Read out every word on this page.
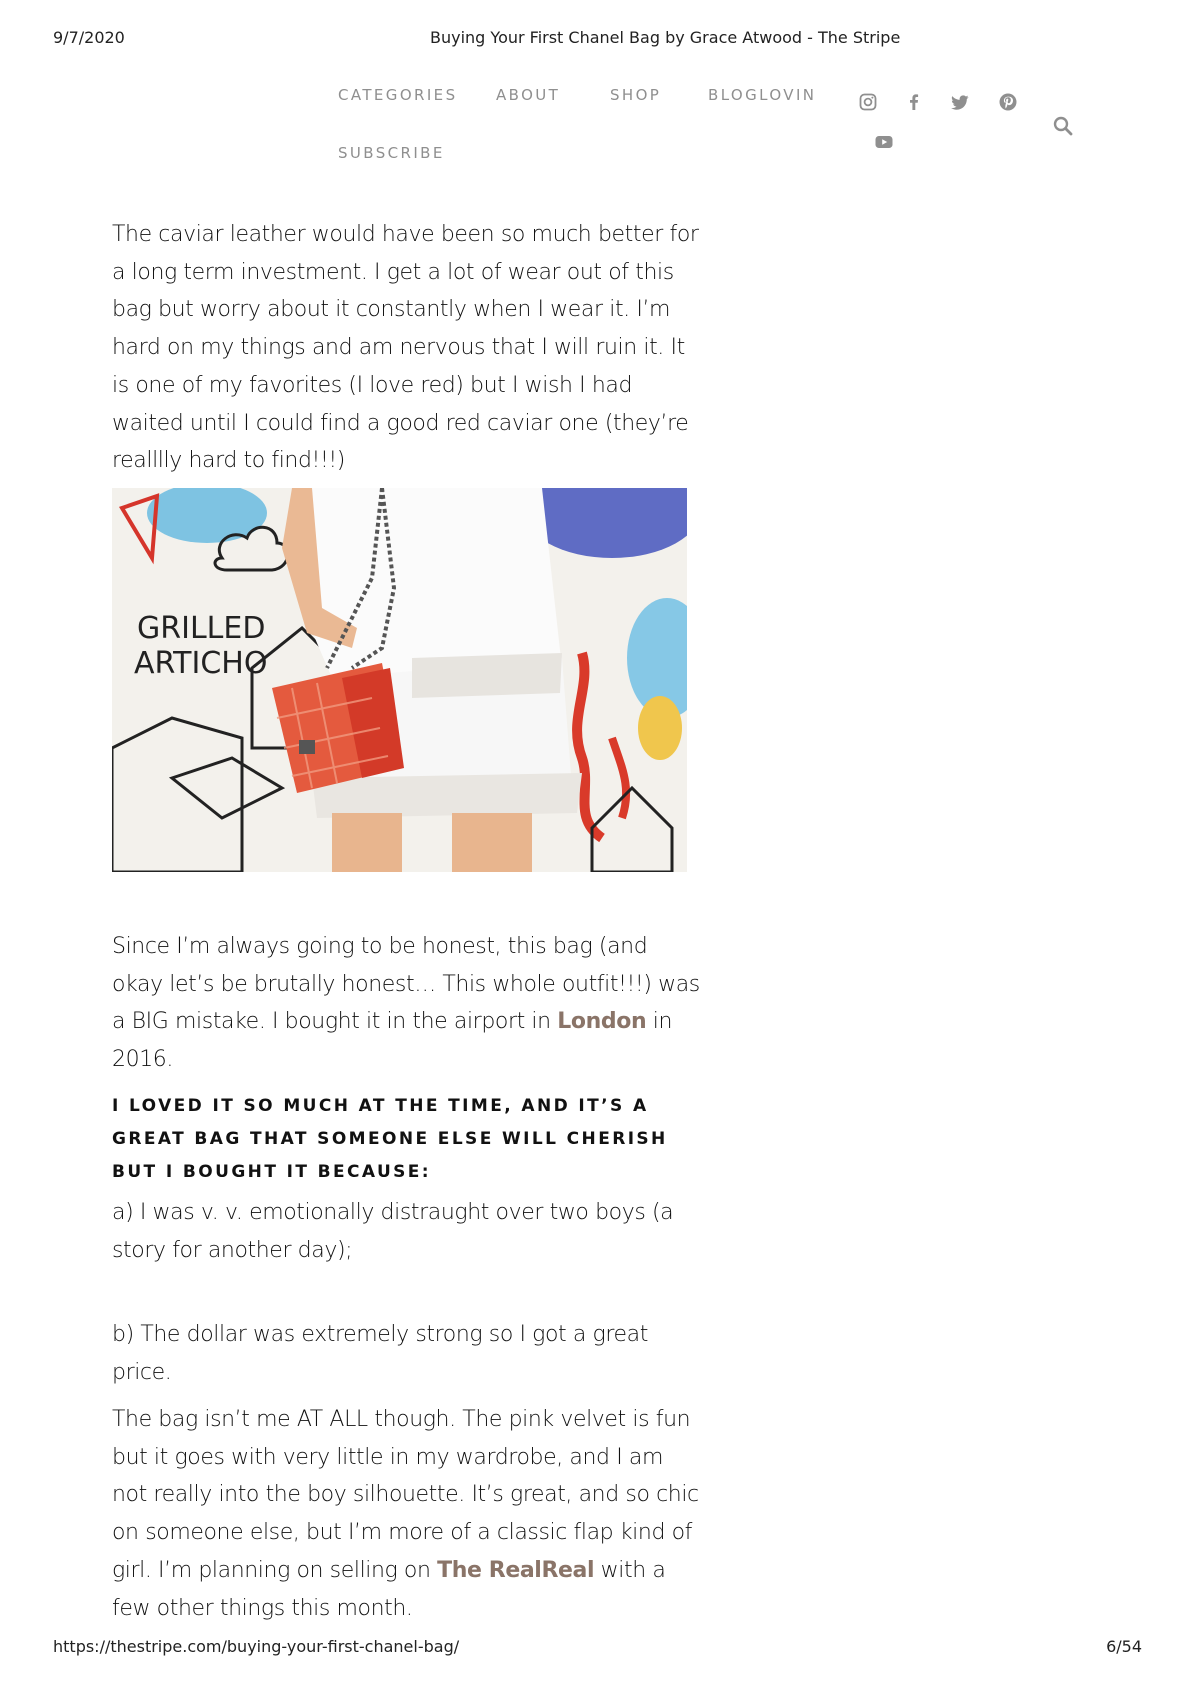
9/7/2020	Buying Your First Chanel Bag by Grace Atwood - The Stripe
CATEGORIES	ABOUT	SHOP	BLOGLOVIN
SUBSCRIBE

The caviar leather would have been so much better for a long term investment. I get a lot of wear out of this bag but worry about it constantly when I wear it. I’m hard on my things and am nervous that I will ruin it. It is one of my favorites (I love red) but I wish I had waited until I could find a good red caviar one (they’re realllly hard to find!!!)

GRILLED
ARTICHO

Since I’m always going to be honest, this bag (and okay let’s be brutally honest… This whole outfit!!!) was a BIG mistake. I bought it in the airport in London in 2016.

I LOVED IT SO MUCH AT THE TIME, AND IT’S A GREAT BAG THAT SOMEONE ELSE WILL CHERISH BUT I BOUGHT IT BECAUSE:

a) I was v. v. emotionally distraught over two boys (a story for another day);

b) The dollar was extremely strong so I got a great price.

The bag isn’t me AT ALL though. The pink velvet is fun but it goes with very little in my wardrobe, and I am not really into the boy silhouette. It’s great, and so chic on someone else, but I’m more of a classic flap kind of girl. I’m planning on selling on The RealReal with a few other things this month.

https://thestripe.com/buying-your-first-chanel-bag/	6/54
